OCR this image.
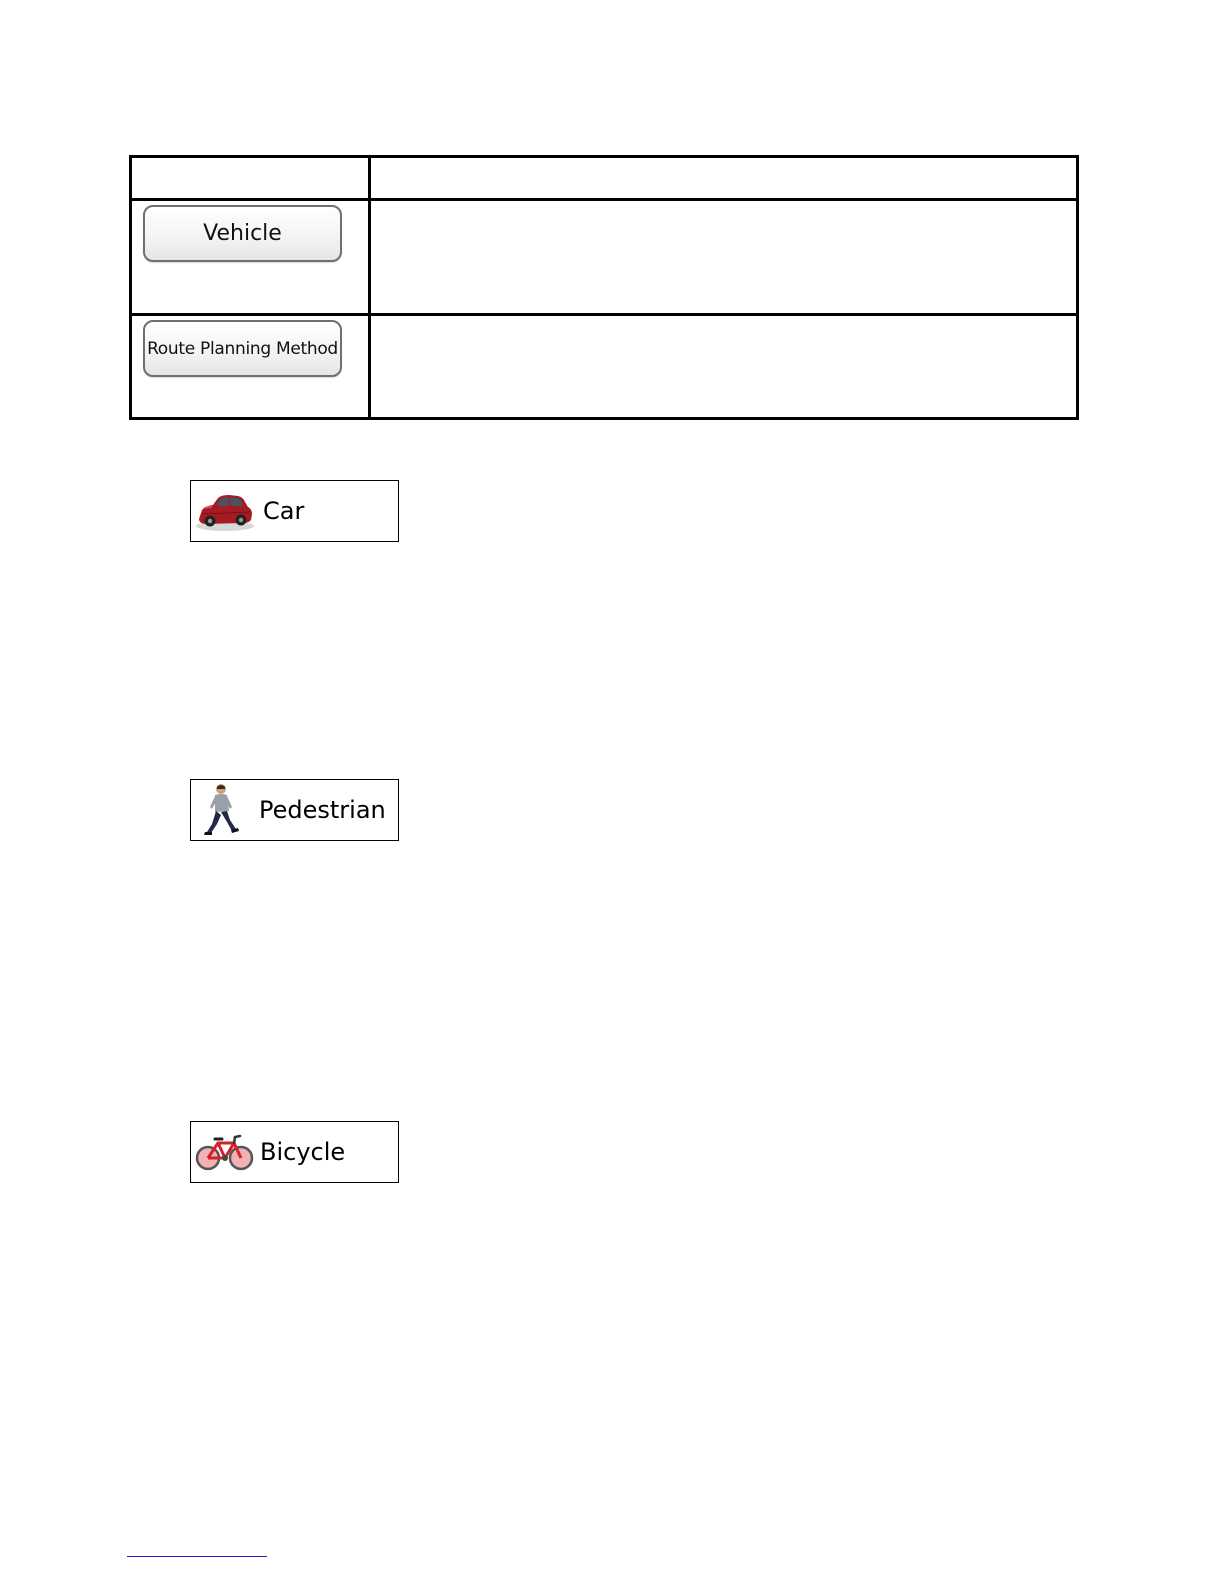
Vehicle	

Route Planning Method	

Car
Pedestrian
Bicycle
